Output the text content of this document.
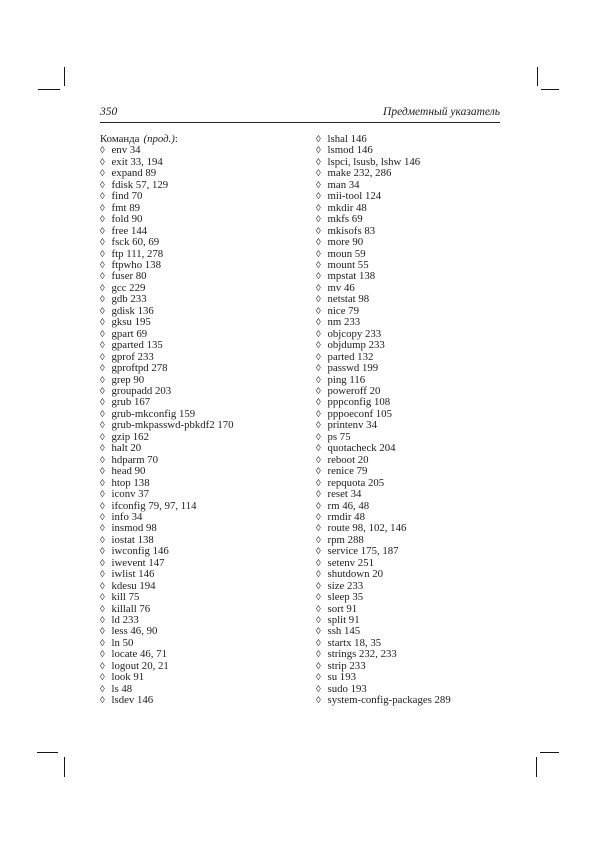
350	Предметный указатель
Команда (прод.):
◊ env 34
◊ exit 33, 194
◊ expand 89
◊ fdisk 57, 129
◊ find 70
◊ fmt 89
◊ fold 90
◊ free 144
◊ fsck 60, 69
◊ ftp 111, 278
◊ ftpwho 138
◊ fuser 80
◊ gcc 229
◊ gdb 233
◊ gdisk 136
◊ gksu 195
◊ gpart 69
◊ gparted 135
◊ gprof 233
◊ gproftpd 278
◊ grep 90
◊ groupadd 203
◊ grub 167
◊ grub-mkconfig 159
◊ grub-mkpasswd-pbkdf2 170
◊ gzip 162
◊ halt 20
◊ hdparm 70
◊ head 90
◊ htop 138
◊ iconv 37
◊ ifconfig 79, 97, 114
◊ info 34
◊ insmod 98
◊ iostat 138
◊ iwconfig 146
◊ iwevent 147
◊ iwlist 146
◊ kdesu 194
◊ kill 75
◊ killall 76
◊ ld 233
◊ less 46, 90
◊ ln 50
◊ locate 46, 71
◊ logout 20, 21
◊ look 91
◊ ls 48
◊ lsdev 146
◊ lshal 146
◊ lsmod 146
◊ lspci, lsusb, lshw 146
◊ make 232, 286
◊ man 34
◊ mii-tool 124
◊ mkdir 48
◊ mkfs 69
◊ mkisofs 83
◊ more 90
◊ moun 59
◊ mount 55
◊ mpstat 138
◊ mv 46
◊ netstat 98
◊ nice 79
◊ nm 233
◊ objcopy 233
◊ objdump 233
◊ parted 132
◊ passwd 199
◊ ping 116
◊ poweroff 20
◊ pppconfig 108
◊ pppoeconf 105
◊ printenv 34
◊ ps 75
◊ quotacheck 204
◊ reboot 20
◊ renice 79
◊ repquota 205
◊ reset 34
◊ rm 46, 48
◊ rmdir 48
◊ route 98, 102, 146
◊ rpm 288
◊ service 175, 187
◊ setenv 251
◊ shutdown 20
◊ size 233
◊ sleep 35
◊ sort 91
◊ split 91
◊ ssh 145
◊ startx 18, 35
◊ strings 232, 233
◊ strip 233
◊ su 193
◊ sudo 193
◊ system-config-packages 289
